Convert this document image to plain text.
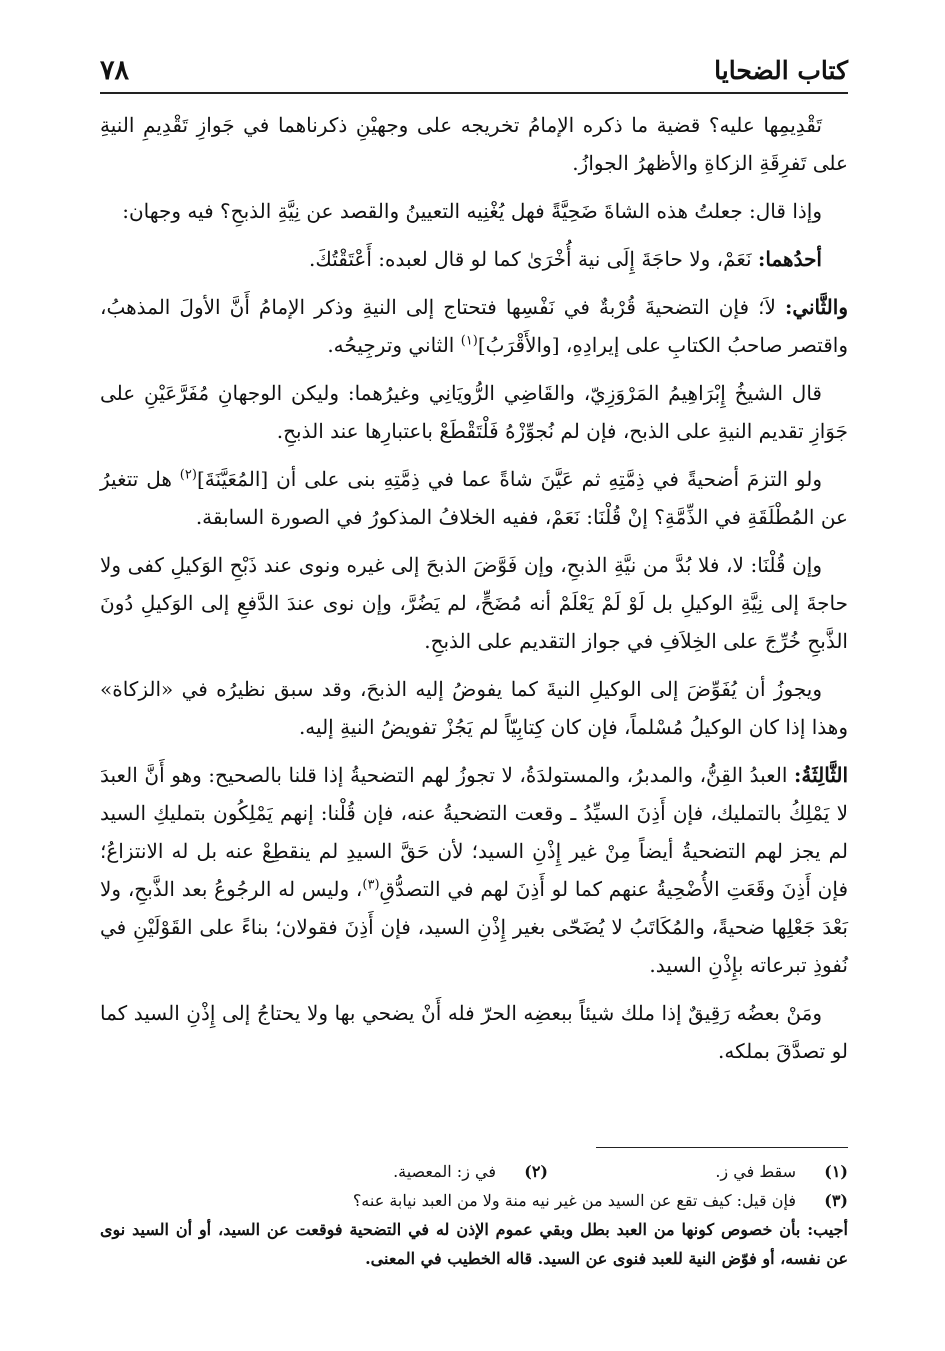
كتاب الضحايا
٧٨

تَقْدِيمِها عليه؟ قضية ما ذكره الإمامُ تخريجه على وجهيْنِ ذكرناهما في جَوازِ تَقْدِيمِ النيةِ على تَفرِقَةِ الزكاةِ والأظهرُ الجوازُ.

وإذا قال: جعلتُ هذه الشاةَ ضَحِيَّةً فهل يُغْنِيه التعيينُ والقصد عن نِيَّةِ الذبحِ؟ فيه وجهان:

أحدُهما: نَعَمْ، ولا حاجَةَ إِلَى نية أُخْرَىٰ كما لو قال لعبده: أَعْتَقْتُكَ.

والثَّاني: لاَ؛ فإن التضحيةَ قُرْبةٌ في نَفْسِها فتحتاج إلى النيةِ وذكر الإمامُ أَنَّ الأولَ المذهبُ، واقتصر صاحبُ الكتابِ على إيرادِهِ، [والأَقْرَبُ]$^{(١)}$ الثاني وترجِيحُه.

قال الشيخُ إِبْرَاهِيمُ المَرْوَزِيّ، والقَاضِي الرُّويَانِي وغيرُهما: وليكن الوجهانِ مُفَرَّعَيْنِ على جَوَازِ تقديم النيةِ على الذبح، فإن لم نُجوِّزْهُ فَلْتَقْطَعْ باعتبارِها عند الذبحِ.

ولو التزمَ أضحيةً في ذِمَّتِهِ ثم عَيَّنَ شاةً عما في ذِمَّتِهِ بنى على أن [المُعَيَّنَةَ]$^{(٢)}$ هل تتغيرُ عن المُطْلَقَةِ في الذِّمَّةِ؟ إنْ قُلْنَا: نَعَمْ، ففيه الخلافُ المذكورُ في الصورة السابقة.

وإن قُلْنَا: لا، فلا بُدَّ من نيَّةِ الذبحِ، وإن فَوَّضَ الذبحَ إلى غيره ونوى عند ذَبْحِ الوَكيلِ كفى ولا حاجةَ إلى نِيَّةِ الوكيلِ بل لَوْ لَمْ يَعْلَمْ أنه مُضَحٍّ، لم يَضُرَّ، وإن نوى عندَ الدَّفعِ إلى الوَكيلِ دُونَ الذَّبحِ خُرِّجَ على الخِلاَفِ في جواز التقديم على الذبحِ.

ويجوزُ أن يُفَوِّضَ إلى الوكيلِ النيةَ كما يفوضُ إليه الذبحَ، وقد سبق نظيرُه في «الزكاة» وهذا إذا كان الوكيلُ مُسْلماً، فإن كان كِتابِيّاً لم يَجُزْ تفويضُ النيةِ إليه.

الثَّالِثَةُ: العبدُ القِنُّ، والمدبرُ، والمستولدَةُ، لا تجوزُ لهم التضحيةُ إذا قلنا بالصحيح: وهو أَنَّ العبدَ لا يَمْلِكُ بالتمليك، فإن أَذِنَ السيِّدُ ـ وقعت التضحيةُ عنه، فإن قُلْنا: إنهم يَمْلِكُون بتمليكِ السيد لم يجز لهم التضحيةُ أيضاً مِنْ غير إِذْنِ السيد؛ لأن حَقَّ السيدِ لم ينقطِعْ عنه بل له الانتزاعُ؛ فإن أَذِنَ وقَعَتِ الأُضْحِيةُ عنهم كما لو أَذِنَ لهم في التصدُّقِ$^{(٣)}$، وليس له الرجُوعُ بعد الذَّبحِ، ولا بَعْدَ جَعْلِها ضحيةً، والمُكَاتَبُ لا يُضَحّى بغير إِذْنِ السيد، فإن أَذِنَ فقولان؛ بناءً على القَوْلَيْنِ في نُفوذِ تبرعاته بإِذْنِ السيد.

ومَنْ بعضُه رَقِيقٌ إذا ملك شيئاً ببعضِه الحرّ فله أَنْ يضحي بها ولا يحتاجُ إلى إِذْنِ السيد كما لو تصدَّقَ بملكه.

(١)
سقط في ز.
(٢)
في ز: المعصية.
(٣)
فإن قيل: كيف تقع عن السيد من غير نيه منة ولا من العبد نيابة عنه؟
أجيب: بأن خصوص كونها من العبد بطل وبقي عموم الإذن له في التضحية فوقعت عن السيد، أو أن السيد نوى عن نفسه، أو فوّض النية للعبد فنوى عن السيد. قاله الخطيب في المعنى.
